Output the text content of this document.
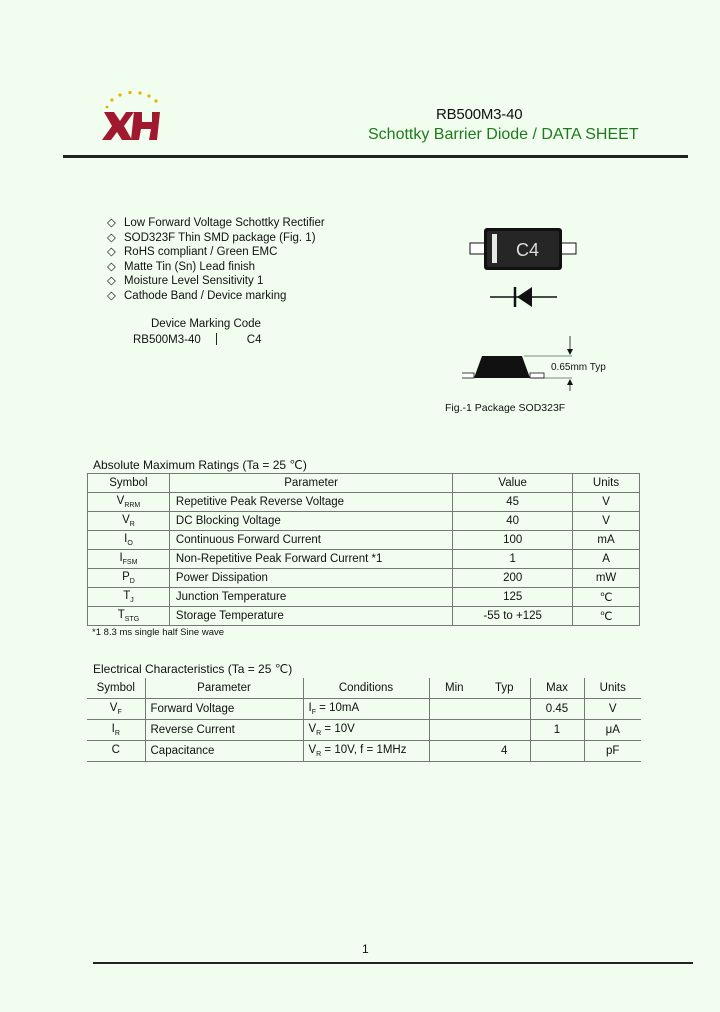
RB500M3-40
Schottky Barrier Diode / DATA SHEET
◇ Low Forward Voltage Schottky Rectifier
◇ SOD323F Thin SMD package (Fig. 1)
◇ RoHS compliant / Green EMC
◇ Matte Tin (Sn) Lead finish
◇ Moisture Level Sensitivity 1
◇ Cathode Band / Device marking
Device Marking Code
RB500M3-40	C4
C4
0.65mm Typ
Fig.-1 Package SOD323F
Absolute Maximum Ratings (Ta = 25 ℃)
Symbol	Parameter	Value	Units
$V_{RRM}$	Repetitive Peak Reverse Voltage	45	V
$V_R$	DC Blocking Voltage	40	V
$I_O$	Continuous Forward Current	100	mA
$I_{FSM}$	Non-Repetitive Peak Forward Current *1	1	A
$P_D$	Power Dissipation	200	mW
$T_J$	Junction Temperature	125	℃
$T_{STG}$	Storage Temperature	-55 to +125	℃
*1 8.3 ms single half Sine wave
Electrical Characteristics (Ta = 25 ℃)
Symbol	Parameter	Conditions	Min	Typ	Max	Units
$V_F$	Forward Voltage	$I_F = 10mA$			0.45	V
$I_R$	Reverse Current	$V_R = 10V$			1	μA
C	Capacitance	$V_R = 10V$, f = 1MHz		4		pF
1
